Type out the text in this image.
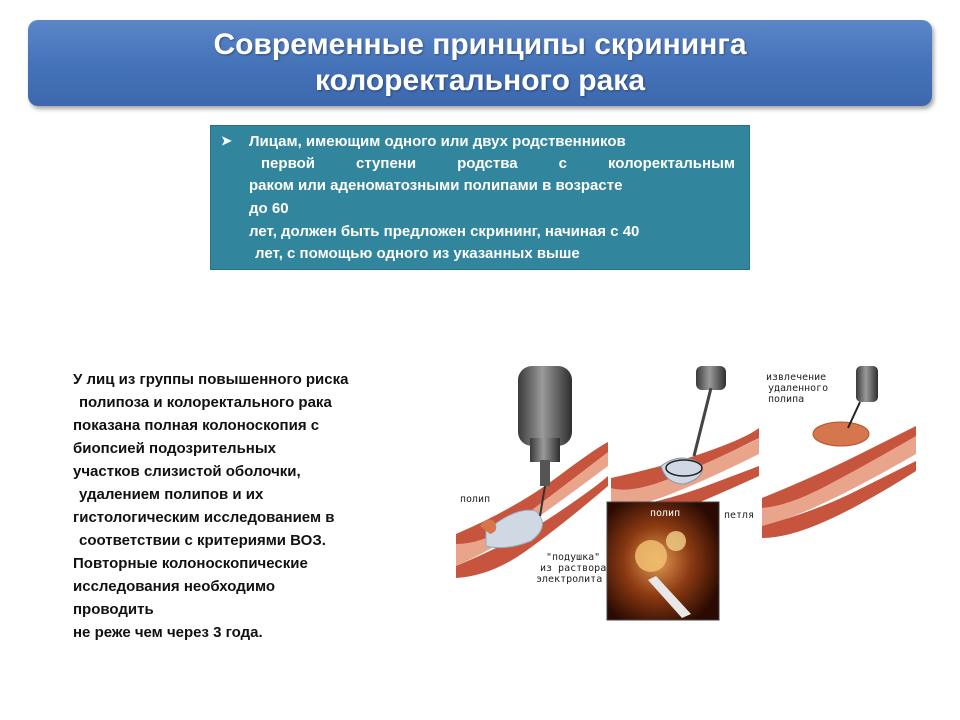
Современные принципы скрининга
колоректального рака
➤ Лицам, имеющим одного или двух родственников
первой ступени родства с колоректальным
раком или аденоматозными полипами в возрасте
до 60
лет, должен быть предложен скрининг, начиная с 40
лет, с помощью одного из указанных выше
У лиц из группы повышенного риска
полипоза и колоректального рака
показана полная колоноскопия с
биопсией подозрительных
участков слизистой оболочки,
удалением полипов и их
гистологическим исследованием в
соответствии с критериями ВОЗ.
Повторные колоноскопические
исследования необходимо
проводить
не реже чем через 3 года.
полип
"подушка"
из раствора
электролита
полип	петля
извлечение
удаленного
полипа
